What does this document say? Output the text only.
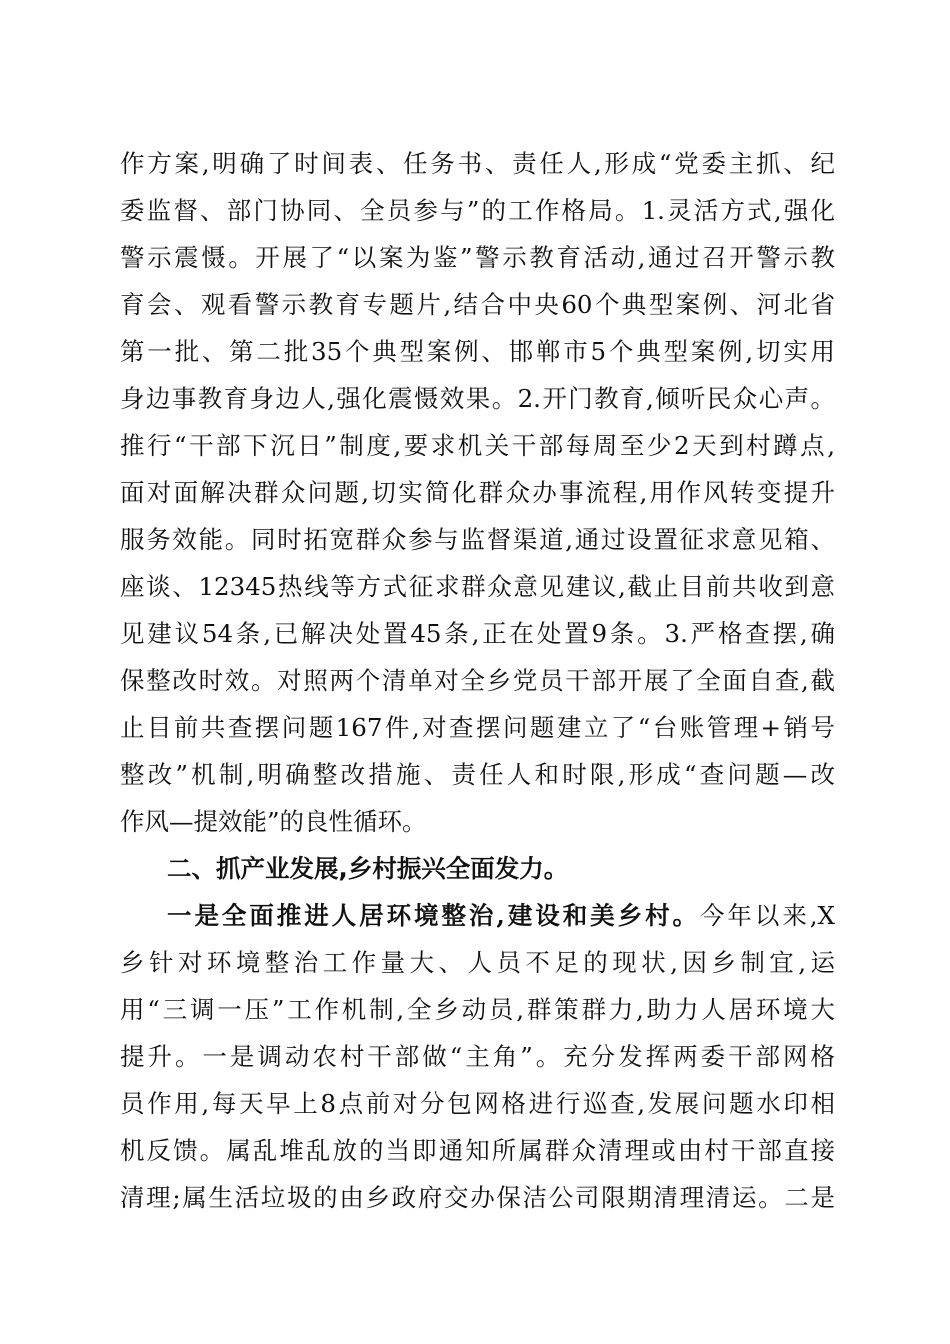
作方案,明确了时间表、任务书、责任人,形成“党委主抓、纪
委监督、部门协同、全员参与”的工作格局。1.灵活方式,强化
警示震慑。开展了“以案为鉴”警示教育活动,通过召开警示教
育会、观看警示教育专题片,结合中央60个典型案例、河北省
第一批、第二批35个典型案例、邯郸市5个典型案例,切实用
身边事教育身边人,强化震慑效果。2.开门教育,倾听民众心声。
推行“干部下沉日”制度,要求机关干部每周至少2天到村蹲点,
面对面解决群众问题,切实简化群众办事流程,用作风转变提升
服务效能。同时拓宽群众参与监督渠道,通过设置征求意见箱、
座谈、12345热线等方式征求群众意见建议,截止目前共收到意
见建议54条,已解决处置45条,正在处置9条。3.严格查摆,确
保整改时效。对照两个清单对全乡党员干部开展了全面自查,截
止目前共查摆问题167件,对查摆问题建立了“台账管理+销号
整改”机制,明确整改措施、责任人和时限,形成“查问题—改
作风—提效能”的良性循环。
二、抓产业发展,乡村振兴全面发力。
一是全面推进人居环境整治,建设和美乡村。今年以来,X
乡针对环境整治工作量大、人员不足的现状,因乡制宜,运
用“三调一压”工作机制,全乡动员,群策群力,助力人居环境大
提升。一是调动农村干部做“主角”。充分发挥两委干部网格
员作用,每天早上8点前对分包网格进行巡查,发展问题水印相
机反馈。属乱堆乱放的当即通知所属群众清理或由村干部直接
清理;属生活垃圾的由乡政府交办保洁公司限期清理清运。二是
